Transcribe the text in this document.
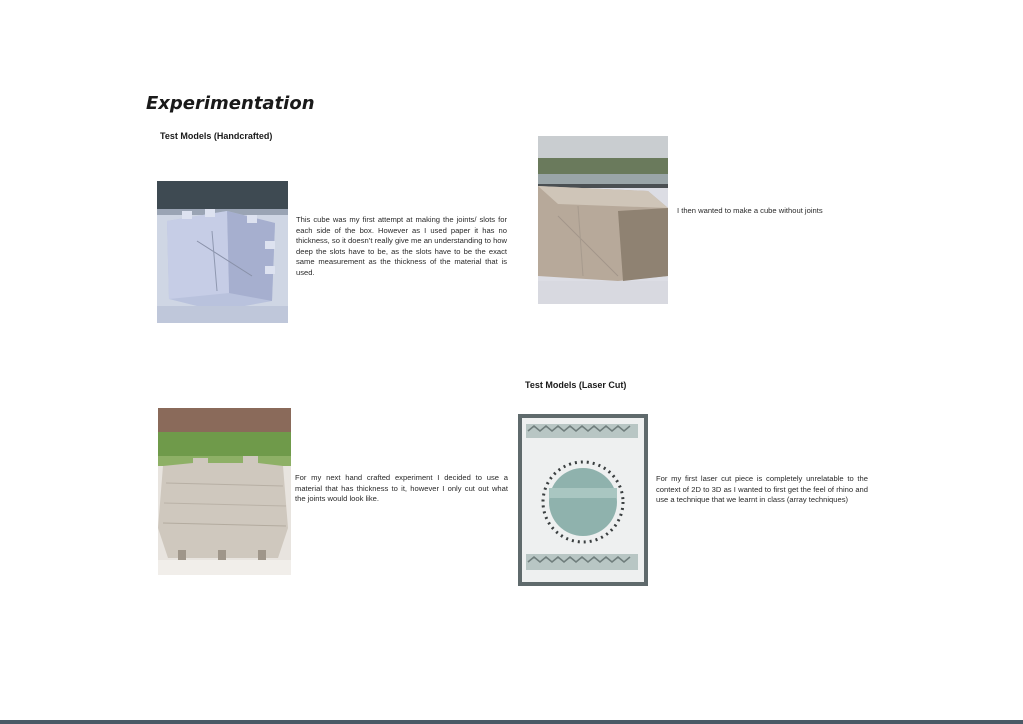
Experimentation
Test Models (Handcrafted)
This cube was my first attempt at making the joints/ slots for each side of the box. However as I used paper it has no thickness, so it doesn’t really give me an understanding to how deep the slots have to be, as the slots have to be the exact same measurement as the thickness of the material that is used.
I then wanted to make a cube without joints
Test Models (Laser Cut)
For my next hand crafted experiment I decided to use a material that has thickness to it, however I only cut out what the joints would look like.
For my first laser cut piece is completely unrelatable to the context of 2D to 3D as I wanted to first get the feel of rhino and use a technique that we learnt in class (array techniques)
